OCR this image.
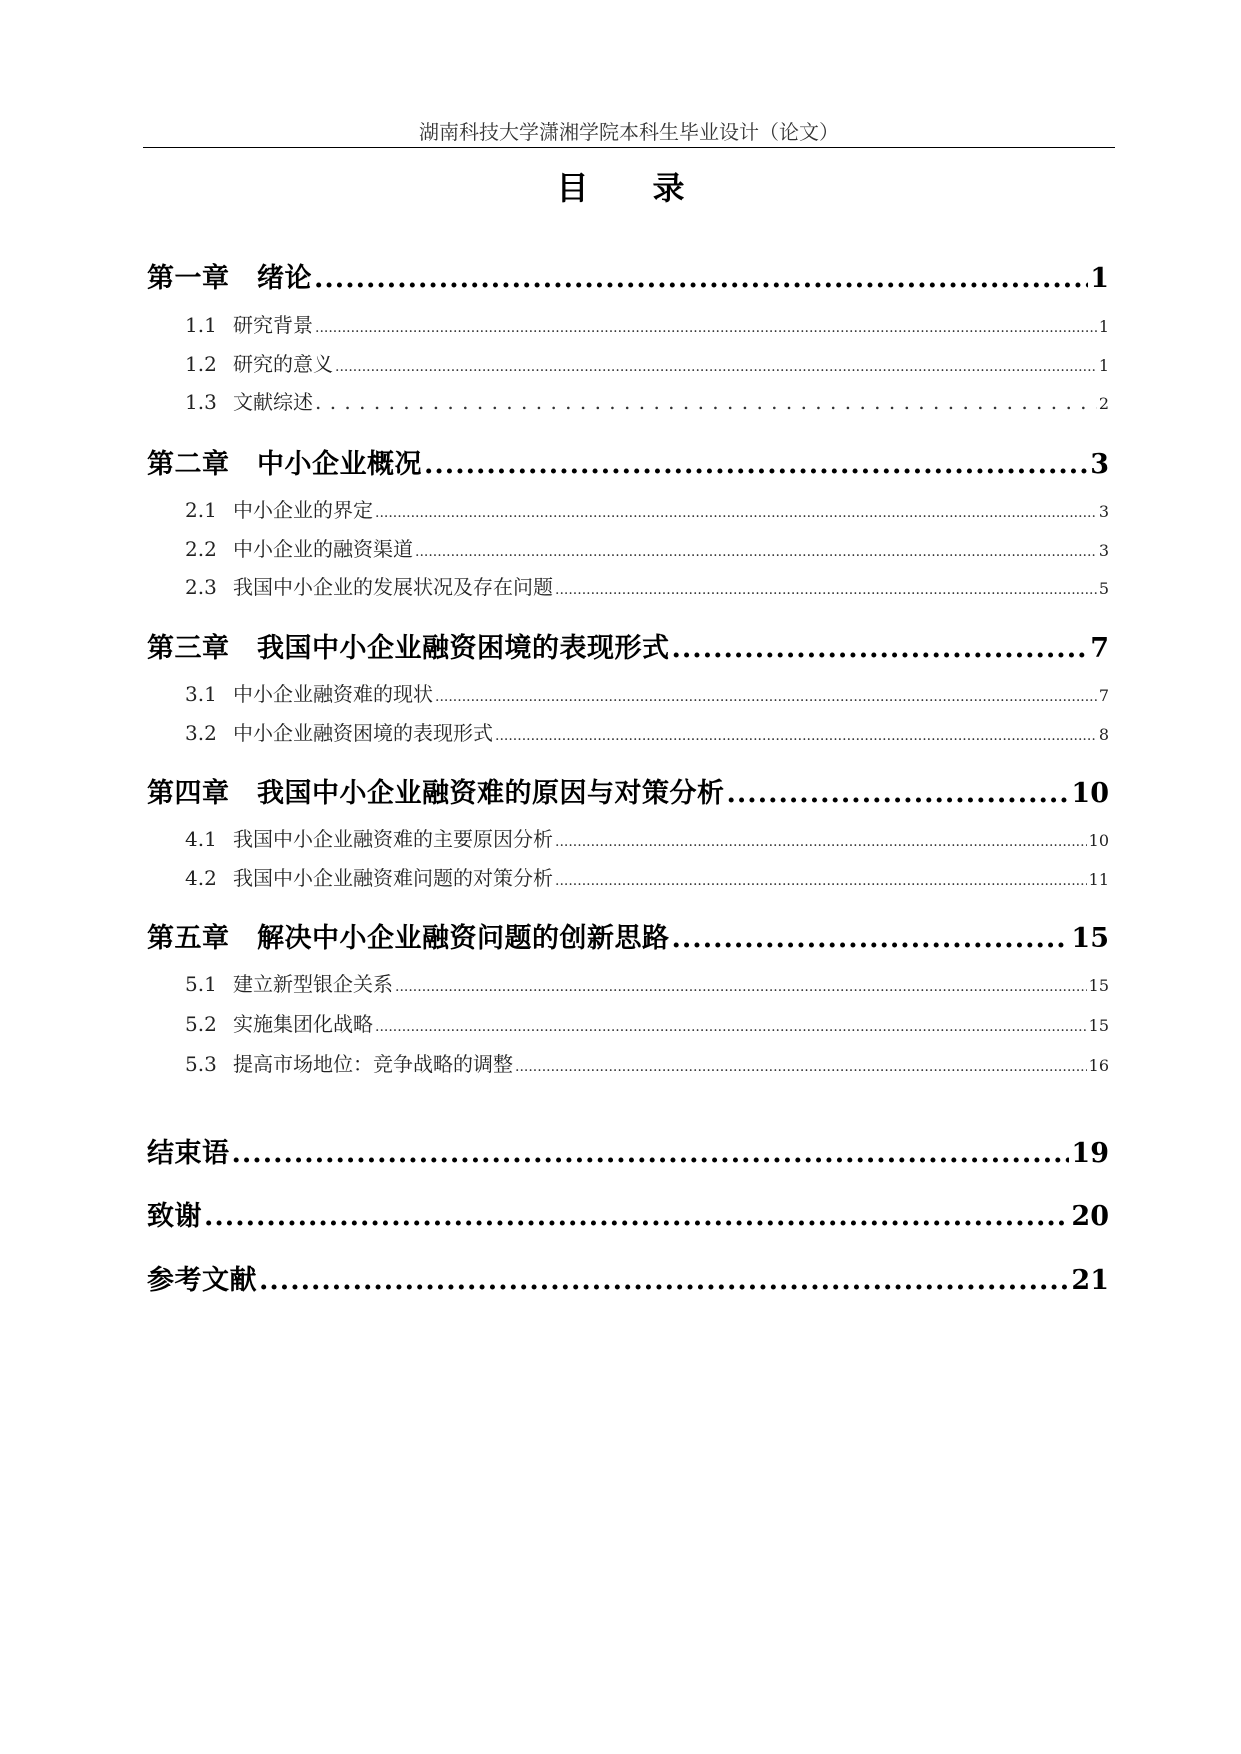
湖南科技大学潇湘学院本科生毕业设计（论文）
目 录
第一章　绪论 .....	1
1.1 研究背景 .....	1
1.2 研究的意义 .....	1
1.3 文献综述 . . .	2
第二章　中小企业概况 .....	3
2.1 中小企业的界定 .....	3
2.2 中小企业的融资渠道 .....	3
2.3 我国中小企业的发展状况及存在问题 .....	5
第三章　我国中小企业融资困境的表现形式 .....	7
3.1 中小企业融资难的现状 .....	7
3.2 中小企业融资困境的表现形式 .....	8
第四章　我国中小企业融资难的原因与对策分析 .....	10
4.1 我国中小企业融资难的主要原因分析 .....	10
4.2 我国中小企业融资难问题的对策分析 .....	11
第五章　解决中小企业融资问题的创新思路 .....	15
5.1 建立新型银企关系 .....	15
5.2 实施集团化战略 .....	15
5.3 提高市场地位：竞争战略的调整 .....	16
结束语 .....	19
致谢 .....	20
参考文献 .....	21
